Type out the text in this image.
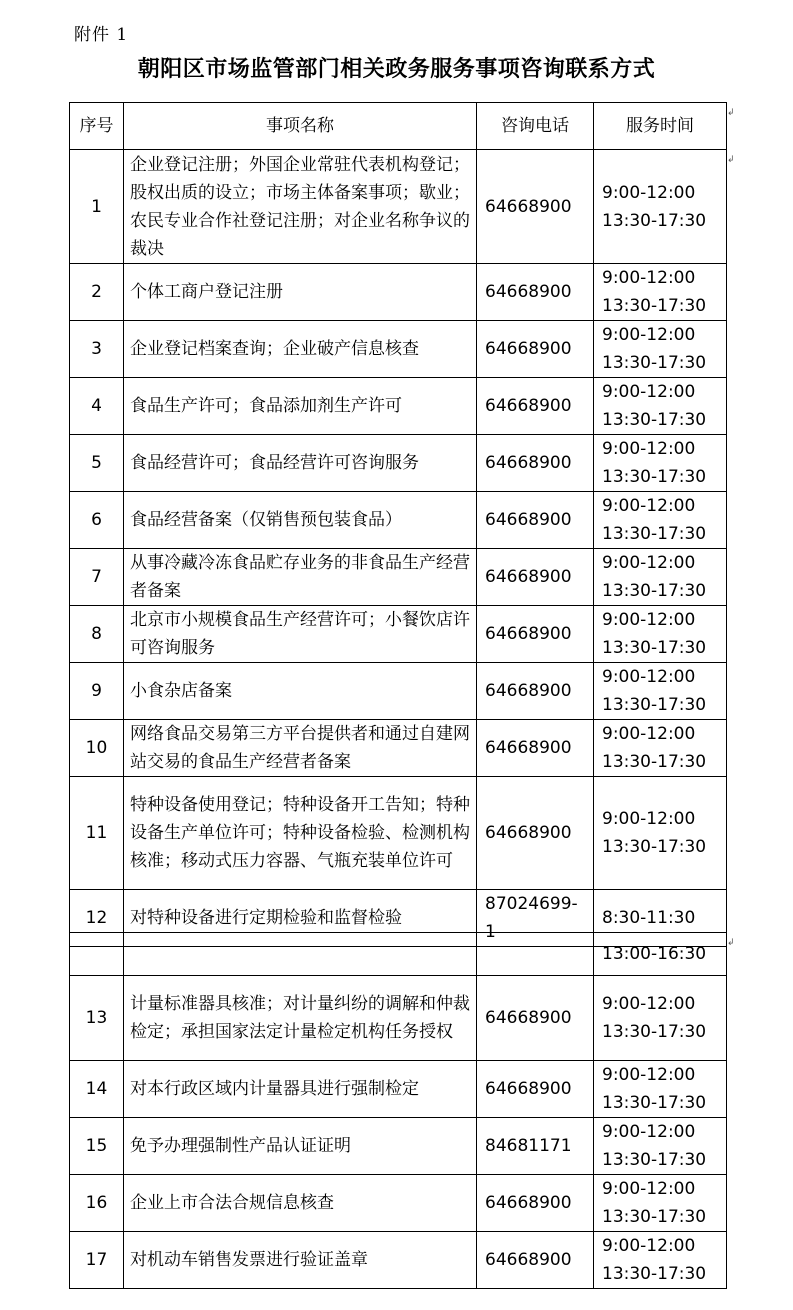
附件 1
朝阳区市场监管部门相关政务服务事项咨询联系方式
序号	事项名称	咨询电话	服务时间
1	企业登记注册；外国企业常驻代表机构登记；股权出质的设立；市场主体备案事项；歇业；农民专业合作社登记注册；对企业名称争议的裁决	64668900	9:00-12:00
13:30-17:30

2	个体工商户登记注册	64668900	9:00-12:00
13:30-17:30

3	企业登记档案查询；企业破产信息核查	64668900	9:00-12:00
13:30-17:30

4	食品生产许可；食品添加剂生产许可	64668900	9:00-12:00
13:30-17:30

5	食品经营许可；食品经营许可咨询服务	64668900	9:00-12:00
13:30-17:30

6	食品经营备案（仅销售预包装食品）	64668900	9:00-12:00
13:30-17:30

7	从事冷藏冷冻食品贮存业务的非食品生产经营者备案	64668900	9:00-12:00
13:30-17:30

8	北京市小规模食品生产经营许可；小餐饮店许可咨询服务	64668900	9:00-12:00
13:30-17:30

9	小食杂店备案	64668900	9:00-12:00
13:30-17:30

10	网络食品交易第三方平台提供者和通过自建网站交易的食品生产经营者备案	64668900	9:00-12:00
13:30-17:30

11	特种设备使用登记；特种设备开工告知；特种设备生产单位许可；特种设备检验、检测机构核准；移动式压力容器、气瓶充装单位许可	64668900	9:00-12:00
13:30-17:30

12	对特种设备进行定期检验和监督检验	87024699-1	8:30-11:30
			13:00-16:30
13	计量标准器具核准；对计量纠纷的调解和仲裁检定；承担国家法定计量检定机构任务授权	64668900	9:00-12:00
13:30-17:30

14	对本行政区域内计量器具进行强制检定	64668900	9:00-12:00
13:30-17:30

15	免予办理强制性产品认证证明	84681171	9:00-12:00
13:30-17:30

16	企业上市合法合规信息核查	64668900	9:00-12:00
13:30-17:30

17	对机动车销售发票进行验证盖章	64668900	9:00-12:00
13:30-17:30
↲
↲
↲
